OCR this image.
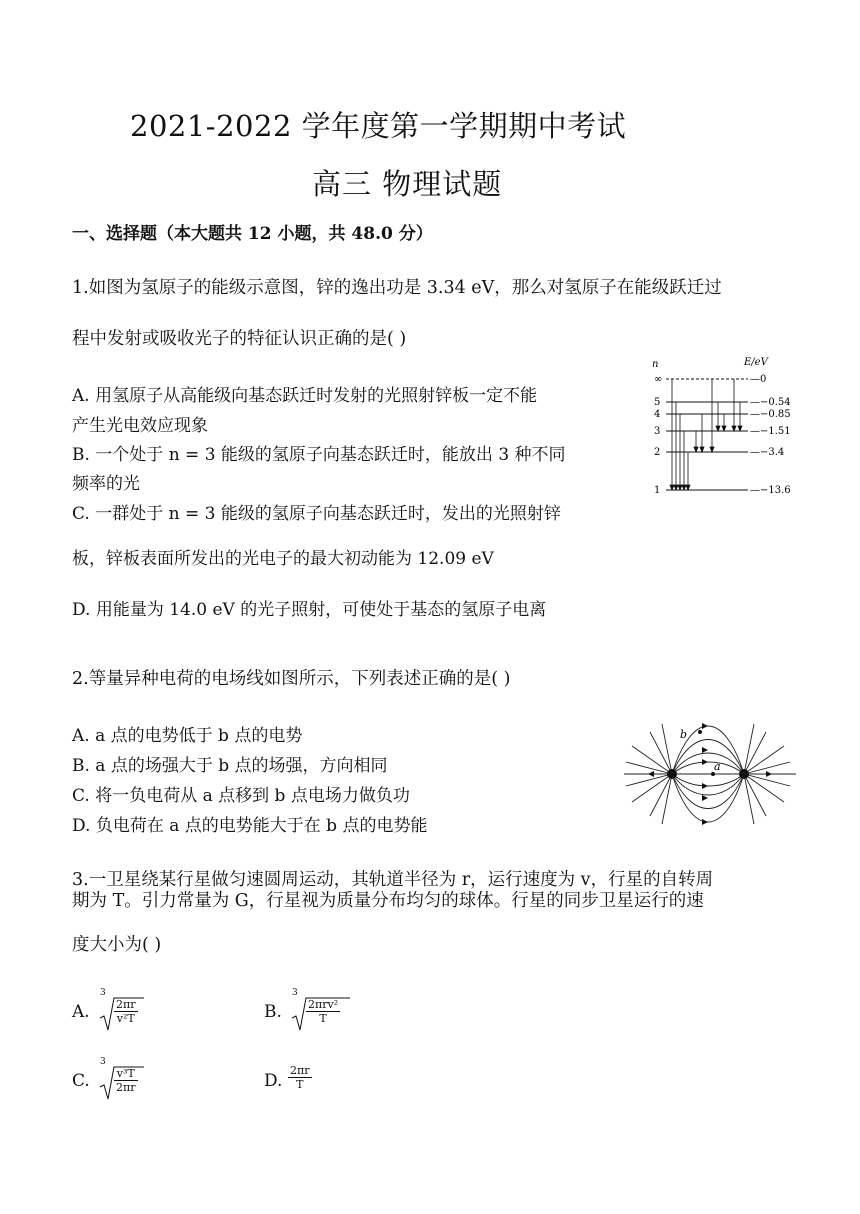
2021-2022 学年度第一学期期中考试
高三 物理试题
一、选择题（本大题共 12 小题，共 48.0 分）
1.如图为氢原子的能级示意图，锌的逸出功是 3.34 eV，那么对氢原子在能级跃迁过
程中发射或吸收光子的特征认识正确的是( )
A. 用氢原子从高能级向基态跃迁时发射的光照射锌板一定不能
产生光电效应现象
B. 一个处于 n = 3 能级的氢原子向基态跃迁时，能放出 3 种不同
频率的光
C. 一群处于 n = 3 能级的氢原子向基态跃迁时，发出的光照射锌
板，锌板表面所发出的光电子的最大初动能为 12.09 eV
D. 用能量为 14.0 eV 的光子照射，可使处于基态的氢原子电离
n	E/eV
∞	—0
5	—−0.54
4	—−0.85
3	—−1.51
2	—−3.4
1	—−13.6
2.等量异种电荷的电场线如图所示，下列表述正确的是( )
A. a 点的电势低于 b 点的电势
B. a 点的场强大于 b 点的场强，方向相同
C. 将一负电荷从 a 点移到 b 点电场力做负功
D. 负电荷在 a 点的电势能大于在 b 点的电势能
b
a
3.一卫星绕某行星做匀速圆周运动，其轨道半径为 r，运行速度为 v，行星的自转周
期为 T。引力常量为 G，行星视为质量分布均匀的球体。行星的同步卫星运行的速
度大小为( )
A.
3
$\frac{2\pi r}{\text{v²T}}$	B.
3
2πrv²
T
C.
3
$\frac{\text{v³T}}{2\pi r}$	D. $\frac{2\pi r}{T}$
